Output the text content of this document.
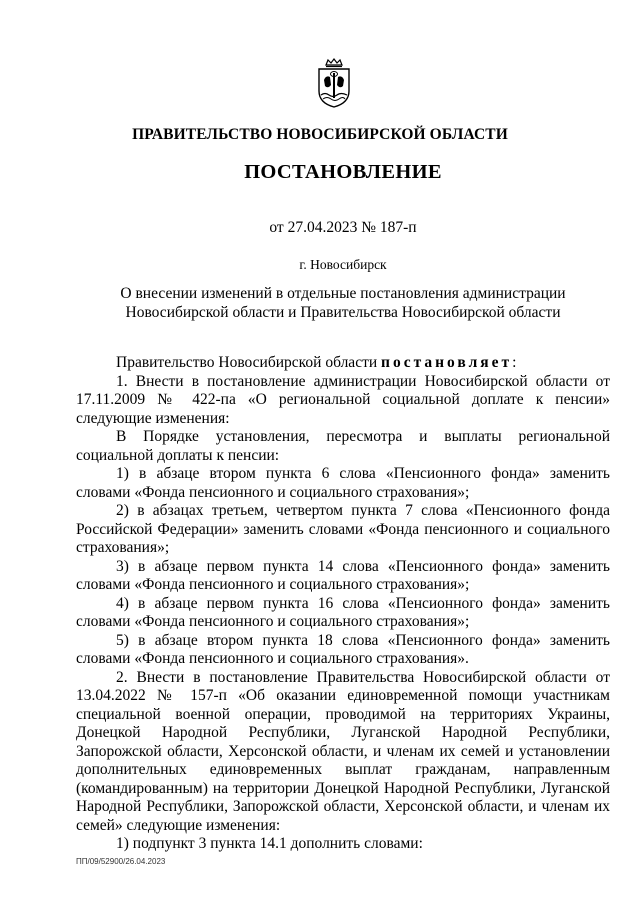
ПРАВИТЕЛЬСТВО НОВОСИБИРСКОЙ ОБЛАСТИ
ПОСТАНОВЛЕНИЕ
от 27.04.2023 № 187-п
г. Новосибирск
О внесении изменений в отдельные постановления администрации
Новосибирской области и Правительства Новосибирской области

Правительство Новосибирской области постановляет:

1. Внести в постановление администрации Новосибирской области от 17.11.2009 № 422-па «О региональной социальной доплате к пенсии» следующие изменения:

В Порядке установления, пересмотра и выплаты региональной социальной доплаты к пенсии:

1) в абзаце втором пункта 6 слова «Пенсионного фонда» заменить словами «Фонда пенсионного и социального страхования»;

2) в абзацах третьем, четвертом пункта 7 слова «Пенсионного фонда Российской Федерации» заменить словами «Фонда пенсионного и социального страхования»;

3) в абзаце первом пункта 14 слова «Пенсионного фонда» заменить словами «Фонда пенсионного и социального страхования»;

4) в абзаце первом пункта 16 слова «Пенсионного фонда» заменить словами «Фонда пенсионного и социального страхования»;

5) в абзаце втором пункта 18 слова «Пенсионного фонда» заменить словами «Фонда пенсионного и социального страхования».

2. Внести в постановление Правительства Новосибирской области от 13.04.2022 № 157-п «Об оказании единовременной помощи участникам специальной военной операции, проводимой на территориях Украины, Донецкой Народной Республики, Луганской Народной Республики, Запорожской области, Херсонской области, и членам их семей и установлении дополнительных единовременных выплат гражданам, направленным (командированным) на территории Донецкой Народной Республики, Луганской Народной Республики, Запорожской области, Херсонской области, и членам их семей» следующие изменения:

1) подпункт 3 пункта 14.1 дополнить словами:

ПП/09/52900/26.04.2023
